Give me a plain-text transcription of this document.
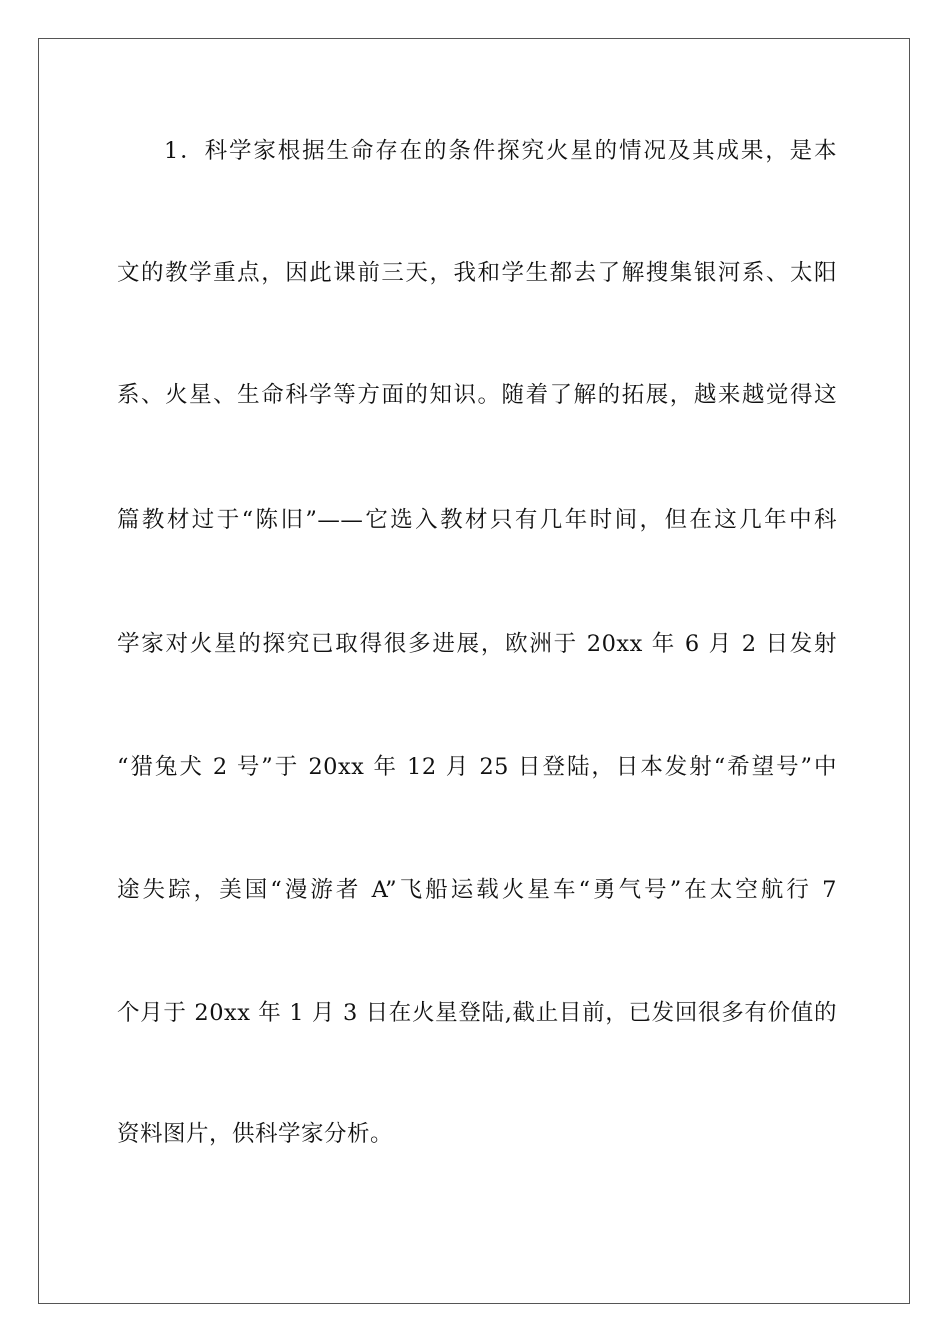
1．科学家根据生命存在的条件探究火星的情况及其成果，是本
文的教学重点，因此课前三天，我和学生都去了解搜集银河系、太阳
系、火星、生命科学等方面的知识。随着了解的拓展，越来越觉得这
篇教材过于“陈旧”——它选入教材只有几年时间，但在这几年中科
学家对火星的探究已取得很多进展，欧洲于 20xx 年 6 月 2 日发射
“猎兔犬 2 号”于 20xx 年 12 月 25 日登陆，日本发射“希望号”中
途失踪，美国“漫游者 A”飞船运载火星车“勇气号”在太空航行 7
个月于 20xx 年 1 月 3 日在火星登陆,截止目前，已发回很多有价值的
资料图片，供科学家分析。
